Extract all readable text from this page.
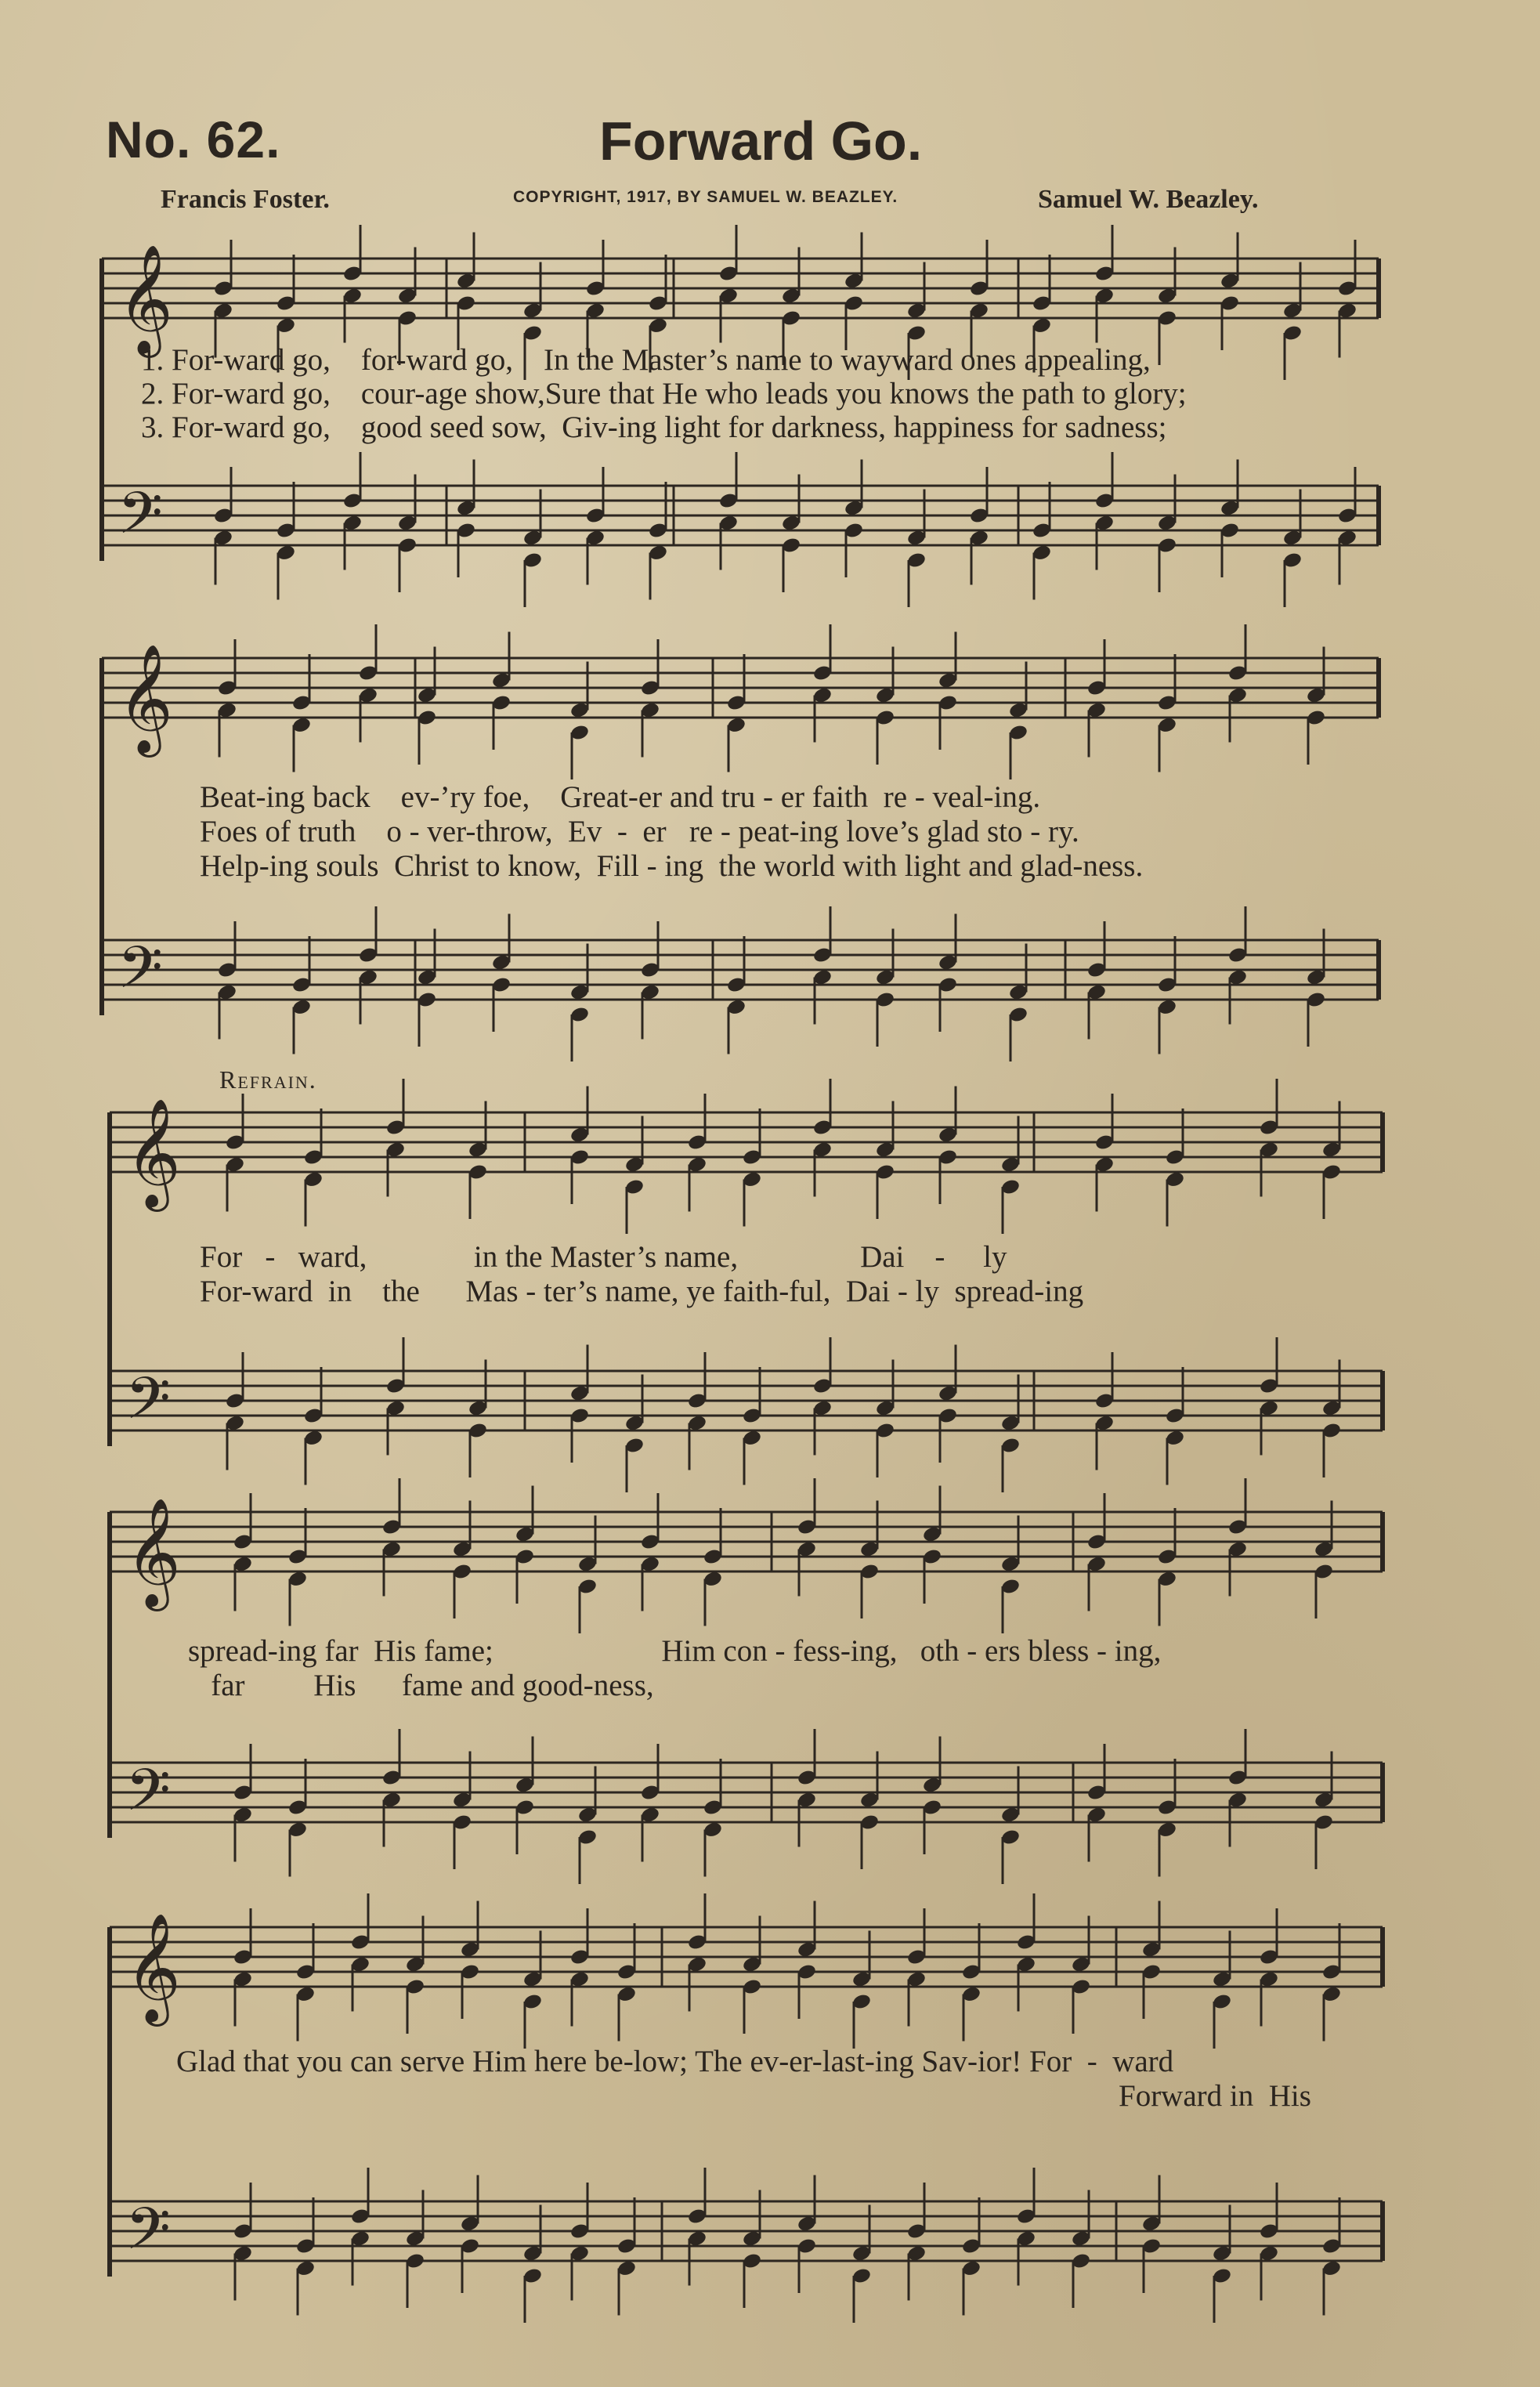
No. 62.	Forward Go.
Francis Foster.	COPYRIGHT, 1917, BY SAMUEL W. BEAZLEY.	Samuel W. Beazley.
𝄞
𝄢
1. For-ward go,    for-ward go,    In the Master’s name to wayward ones appealing,
2. For-ward go,    cour-age show,Sure that He who leads you knows the path to glory;
3. For-ward go,    good seed sow,  Giv-ing light for darkness, happiness for sadness;
𝄞
𝄢
Beat-ing back    ev-’ry foe,    Great-er and tru - er faith  re - veal-ing.
Foes of truth    o - ver-throw,  Ev  -  er   re - peat-ing love’s glad sto - ry.
Help-ing souls  Christ to know,  Fill - ing  the world with light and glad-ness.
Refrain.
𝄞
𝄢
For   -   ward,              in the Master’s name,                Dai    -     ly
For-ward  in    the      Mas - ter’s name, ye faith-ful,  Dai - ly  spread-ing
𝄞
𝄢
spread-ing far  His fame;                      Him con - fess-ing,   oth - ers bless - ing,
far         His      fame and good-ness,
𝄞
𝄢
Glad that you can serve Him here be-low; The ev-er-last-ing Sav-ior! For  -  ward
Forward in  His
